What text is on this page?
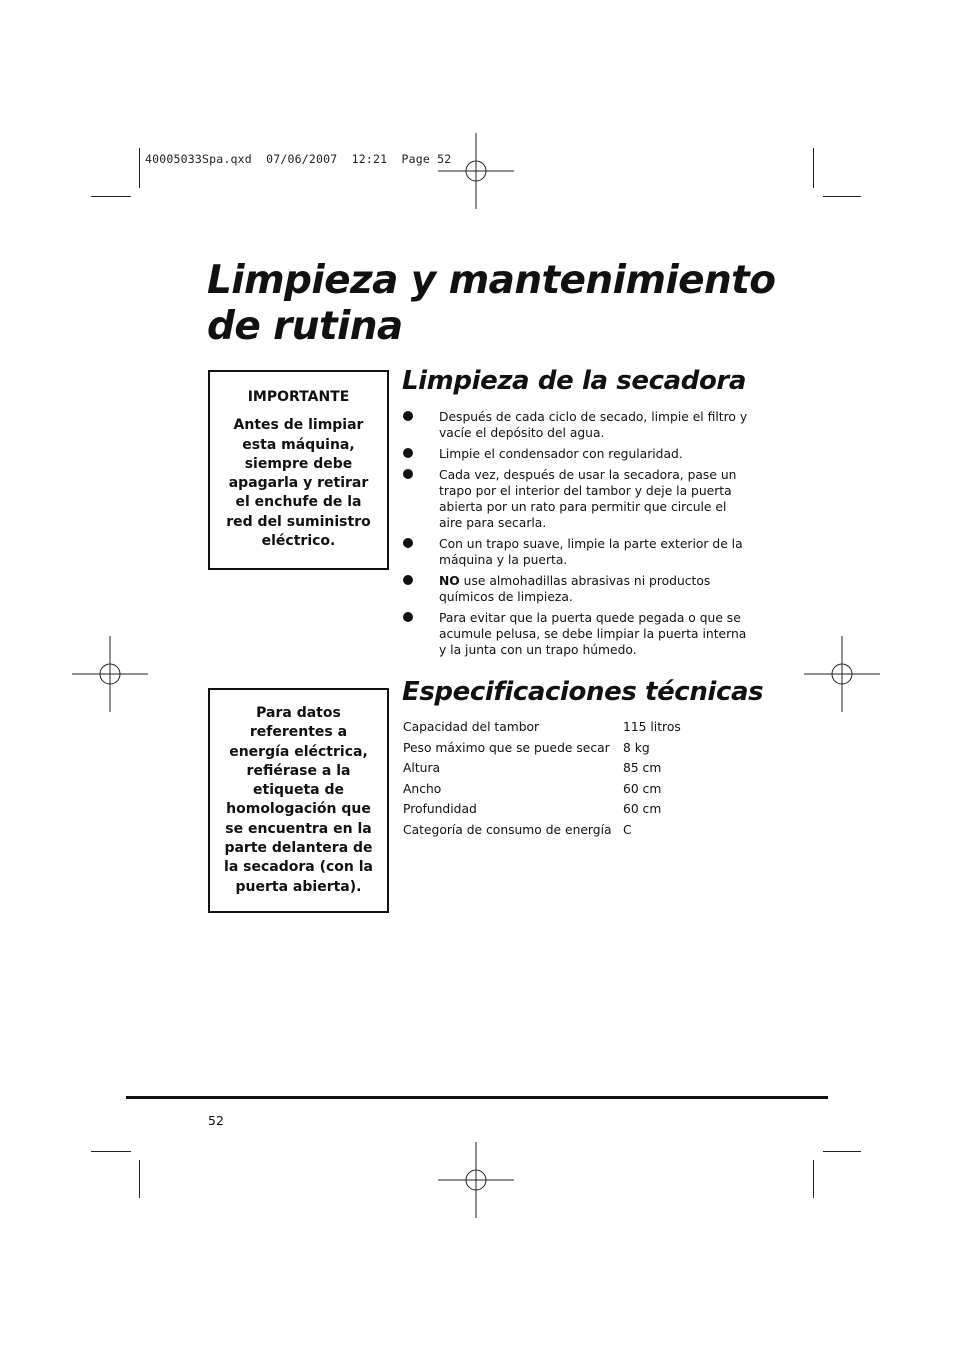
40005033Spa.qxd  07/06/2007  12:21  Page 52
Limpieza y mantenimiento
de rutina
IMPORTANTE
Antes de limpiar esta máquina, siempre debe apagarla y retirar el enchufe de la red del suministro eléctrico.
Para datos referentes a energía eléctrica, refiérase a la etiqueta de homologación que se encuentra en la parte delantera de la secadora (con la puerta abierta).
Limpieza de la secadora
Después de cada ciclo de secado, limpie el filtro y vacíe el depósito del agua.
Limpie el condensador con regularidad.
Cada vez, después de usar la secadora, pase un trapo por el interior del tambor y deje la puerta abierta por un rato para permitir que circule el aire para secarla.
Con un trapo suave, limpie la parte exterior de la máquina y la puerta.
NO use almohadillas abrasivas ni productos químicos de limpieza.
Para evitar que la puerta quede pegada o que se acumule pelusa, se debe limpiar la puerta interna y la junta con un trapo húmedo.
Especificaciones técnicas
Capacidad del tambor	115 litros
Peso máximo que se puede secar	8 kg
Altura	85 cm
Ancho	60 cm
Profundidad	60 cm
Categoría de consumo de energía	C
52
